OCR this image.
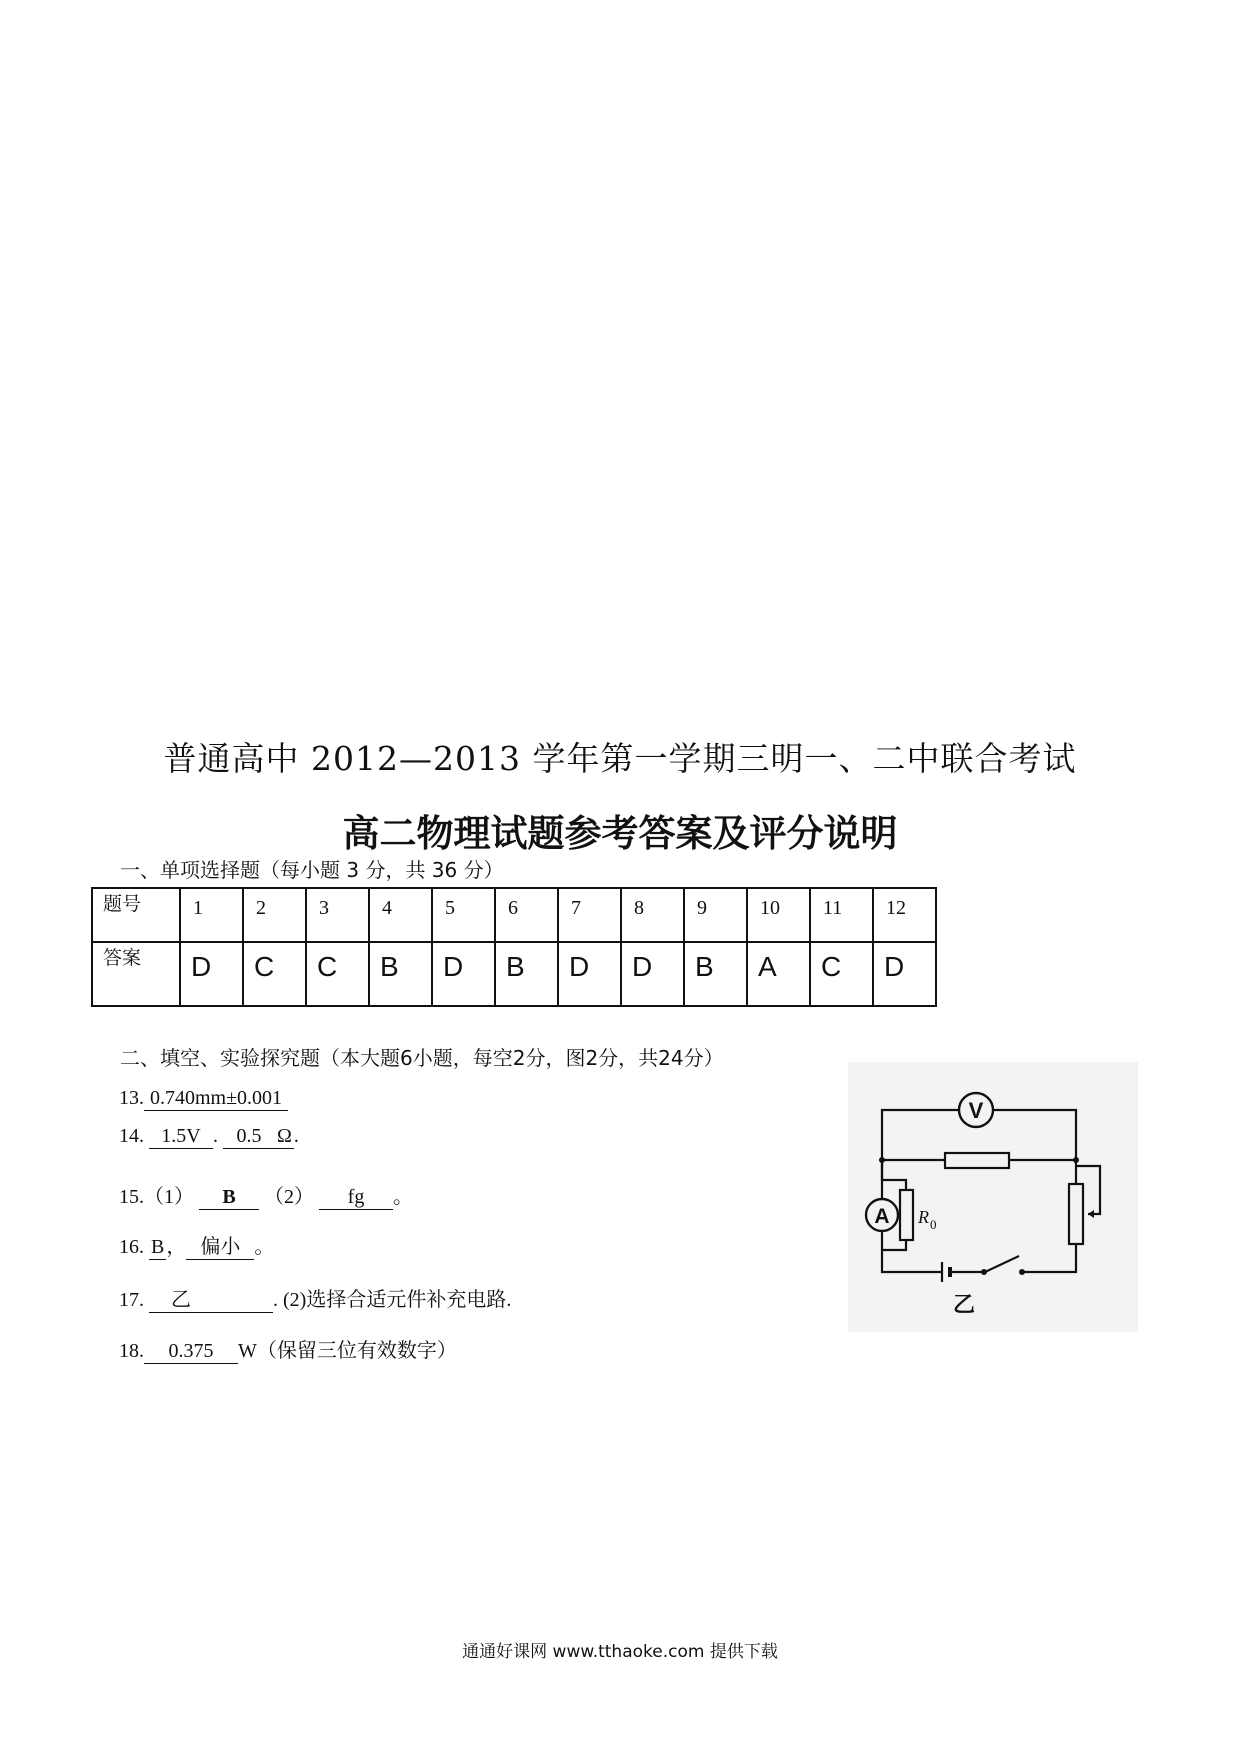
普通高中 2012—2013 学年第一学期三明一、二中联合考试
高二物理试题参考答案及评分说明
一、单项选择题（每小题 3 分，共 36 分）
题号	1	2	3	4	5	6	7	8	9	10	11	12

答案	D	C	C	B	D	B	D	D	B	A	C	D
二、填空、实验探究题（本大题6小题，每空2分，图2分，共24分）
13. 0.740mm±0.001
14. 1.5V . 0.5 Ω .
15.（1） B （2） fg 。
16. B ， 偏小 。
17. 乙	. (2)选择合适元件补充电路.
18. 0.375 W（保留三位有效数字）
V
A R 0
乙
通通好课网 www.tthaoke.com 提供下载
